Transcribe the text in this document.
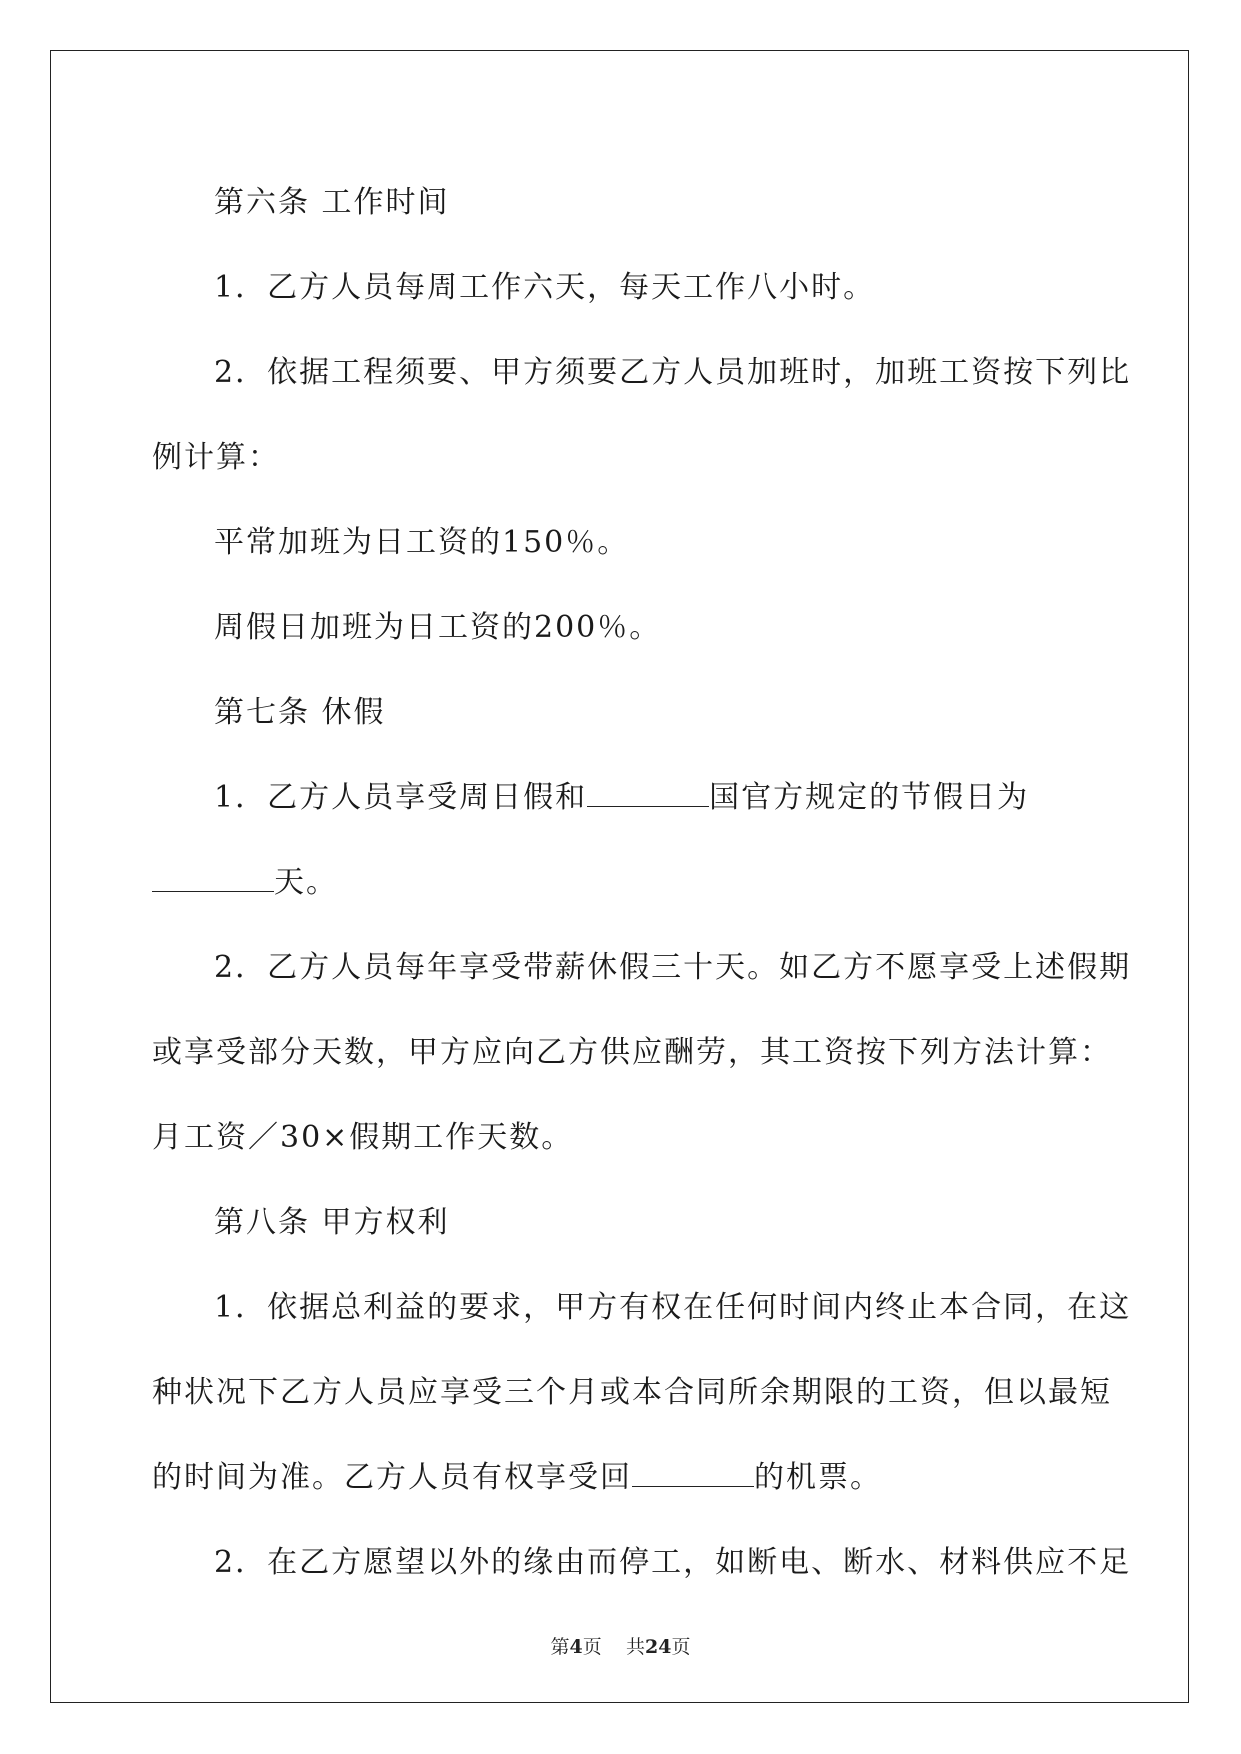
第六条 工作时间
1．乙方人员每周工作六天，每天工作八小时。
2．依据工程须要、甲方须要乙方人员加班时，加班工资按下列比
例计算：
平常加班为日工资的150％。
周假日加班为日工资的200％。
第七条 休假
1．乙方人员享受周日假和	国官方规定的节假日为
天。
2．乙方人员每年享受带薪休假三十天。如乙方不愿享受上述假期
或享受部分天数，甲方应向乙方供应酬劳，其工资按下列方法计算：
月工资／30×假期工作天数。
第八条 甲方权利
1．依据总利益的要求，甲方有权在任何时间内终止本合同，在这
种状况下乙方人员应享受三个月或本合同所余期限的工资，但以最短
的时间为准。乙方人员有权享受回	的机票。
2．在乙方愿望以外的缘由而停工，如断电、断水、材料供应不足
第4页 共24页
